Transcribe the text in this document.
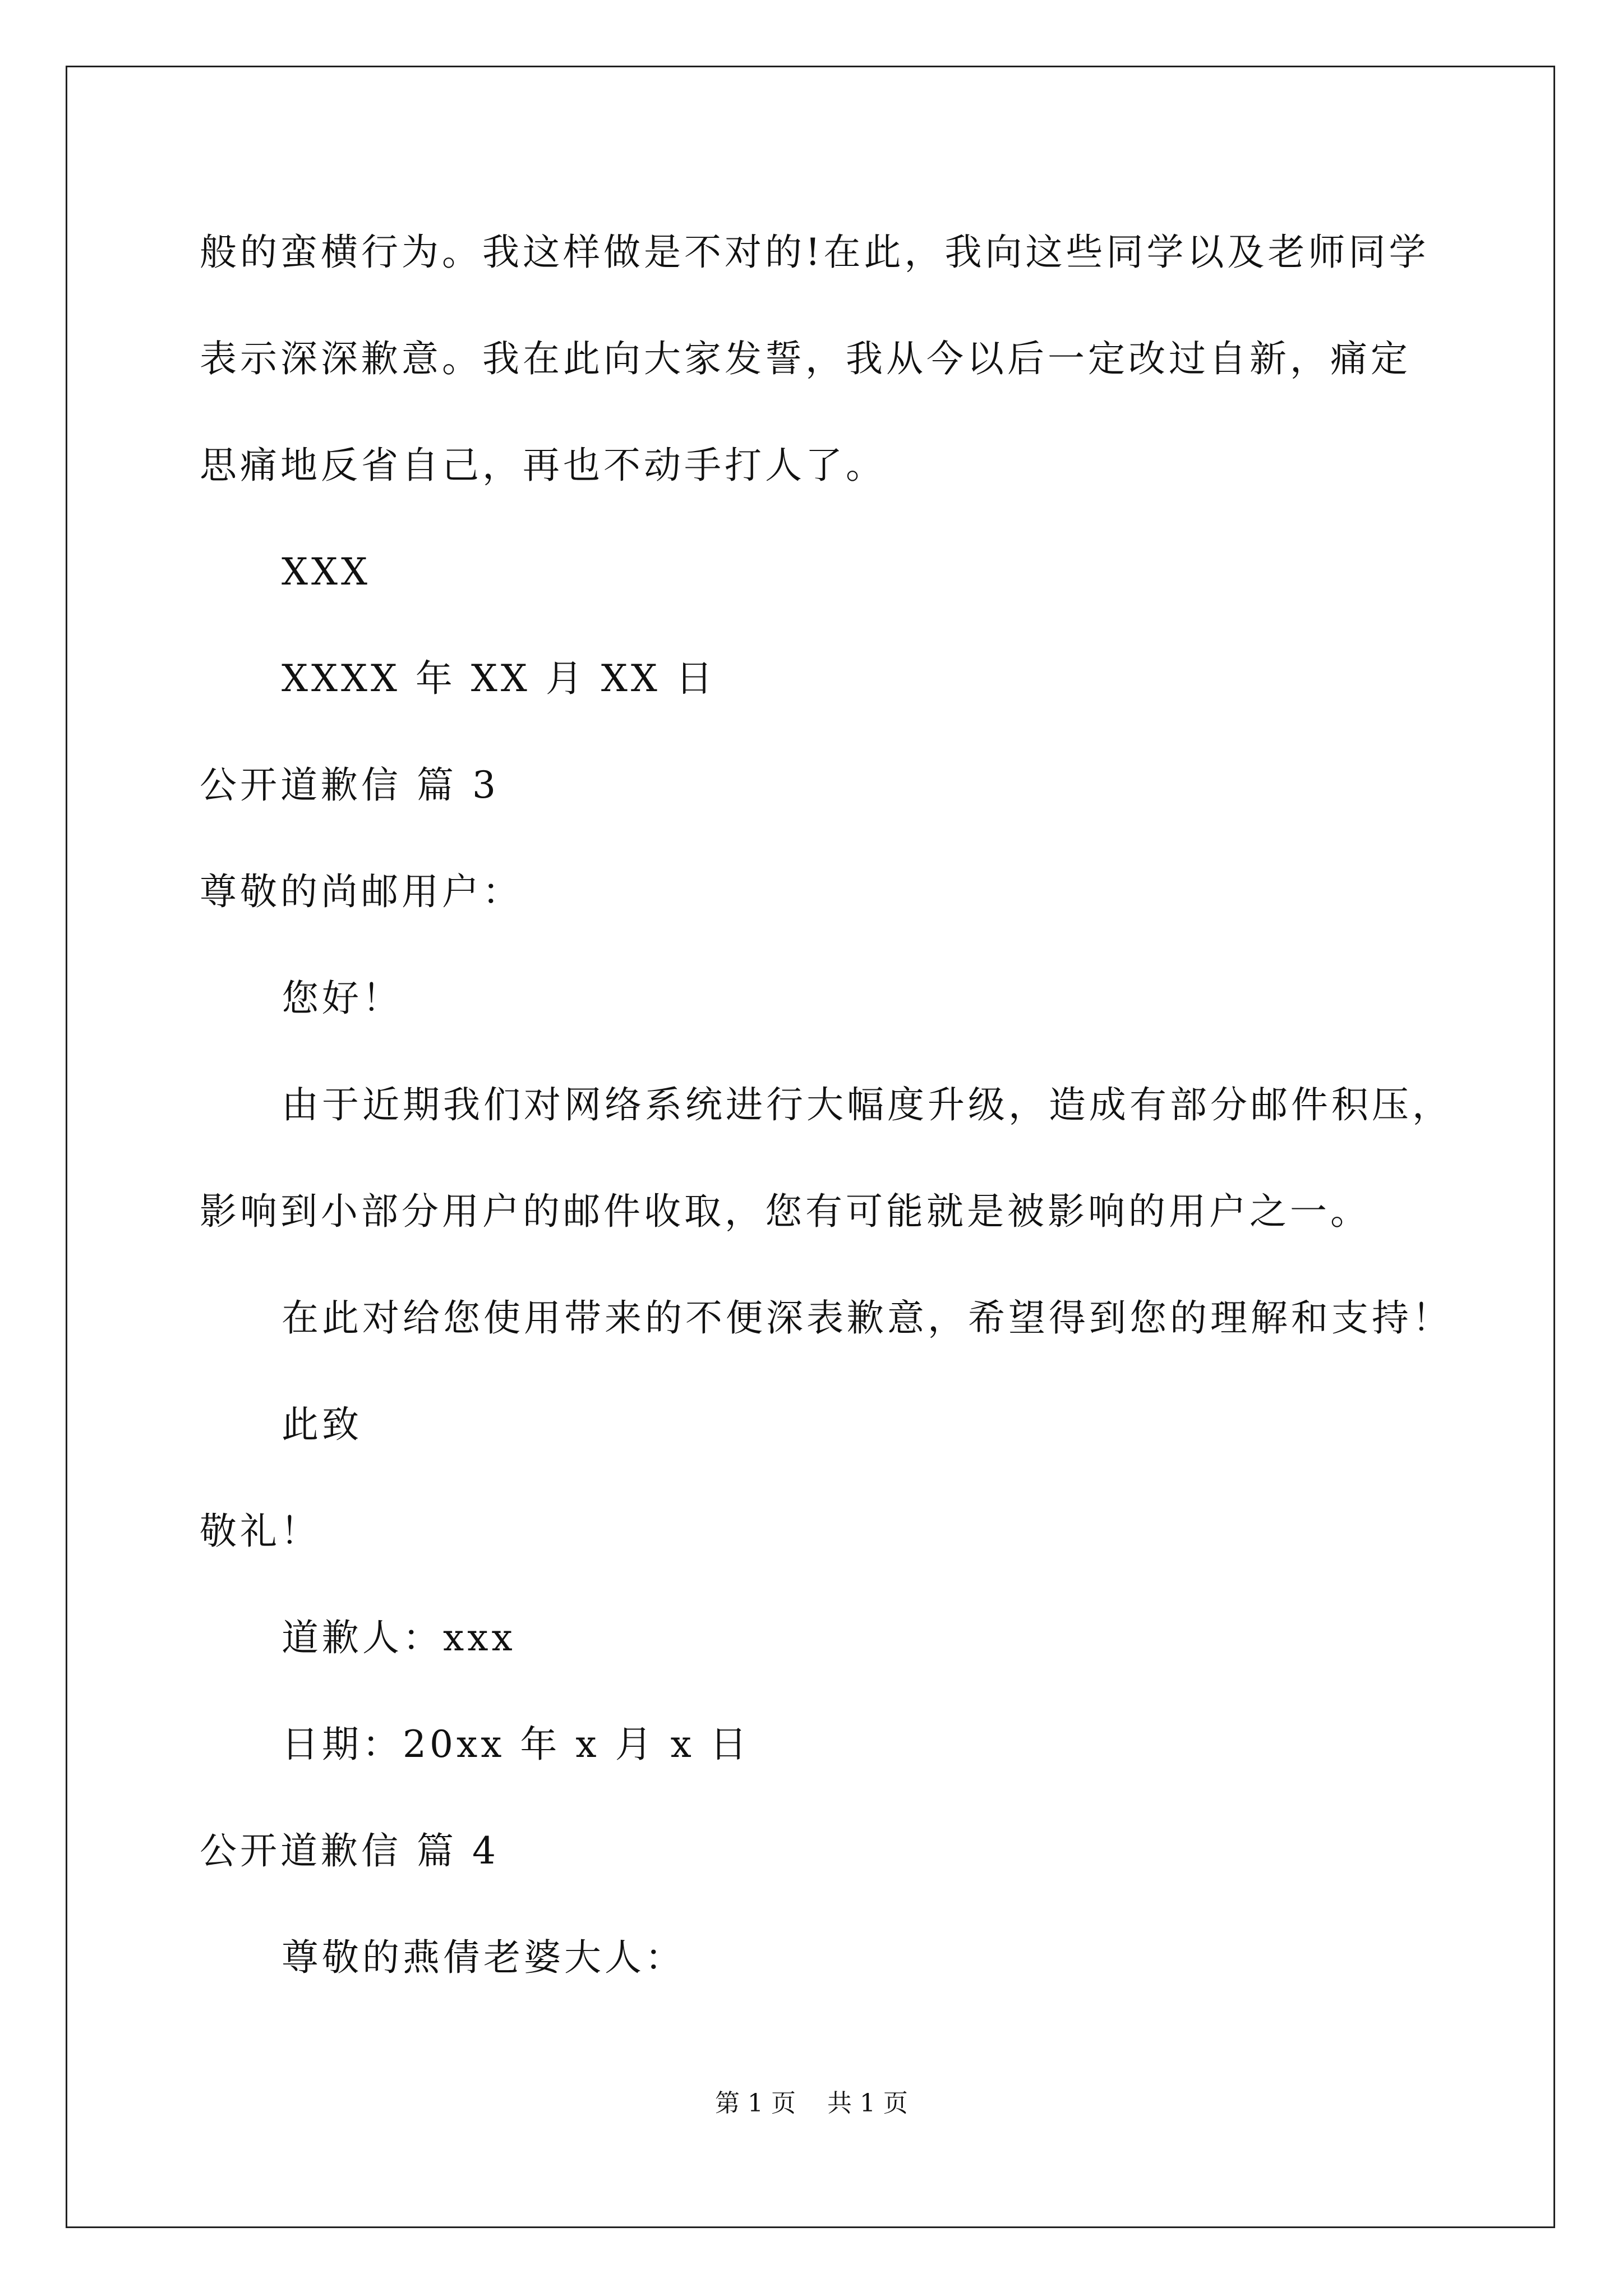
般的蛮横行为。我这样做是不对的!在此，我向这些同学以及老师同学
表示深深歉意。我在此向大家发誓，我从今以后一定改过自新，痛定
思痛地反省自己，再也不动手打人了。
XXX
XXXX 年 XX 月 XX 日
公开道歉信 篇 3
尊敬的尚邮用户：
您好！
由于近期我们对网络系统进行大幅度升级，造成有部分邮件积压，
影响到小部分用户的邮件收取，您有可能就是被影响的用户之一。
在此对给您使用带来的不便深表歉意，希望得到您的理解和支持！
此致
敬礼！
道歉人：xxx
日期：20xx 年 x 月 x 日
公开道歉信 篇 4
尊敬的燕倩老婆大人：
第 1 页    共 1 页
